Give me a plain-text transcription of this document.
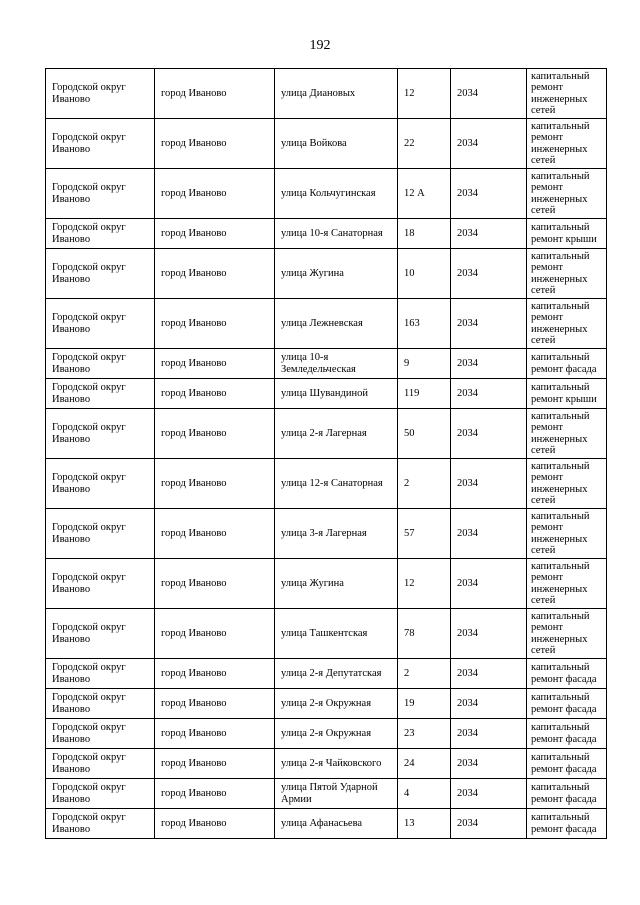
192
Городской округ Иваново	город Иваново	улица Диановых	12	2034	капитальный ремонт инженерных сетей
Городской округ Иваново	город Иваново	улица Войкова	22	2034	капитальный ремонт инженерных сетей
Городской округ Иваново	город Иваново	улица Кольчугинская	12 А	2034	капитальный ремонт инженерных сетей
Городской округ Иваново	город Иваново	улица 10-я Санаторная	18	2034	капитальный ремонт крыши
Городской округ Иваново	город Иваново	улица Жугина	10	2034	капитальный ремонт инженерных сетей
Городской округ Иваново	город Иваново	улица Лежневская	163	2034	капитальный ремонт инженерных сетей
Городской округ Иваново	город Иваново	улица 10-я Земледельческая	9	2034	капитальный ремонт фасада
Городской округ Иваново	город Иваново	улица Шувандиной	119	2034	капитальный ремонт крыши
Городской округ Иваново	город Иваново	улица 2-я Лагерная	50	2034	капитальный ремонт инженерных сетей
Городской округ Иваново	город Иваново	улица 12-я Санаторная	2	2034	капитальный ремонт инженерных сетей
Городской округ Иваново	город Иваново	улица 3-я Лагерная	57	2034	капитальный ремонт инженерных сетей
Городской округ Иваново	город Иваново	улица Жугина	12	2034	капитальный ремонт инженерных сетей
Городской округ Иваново	город Иваново	улица Ташкентская	78	2034	капитальный ремонт инженерных сетей
Городской округ Иваново	город Иваново	улица 2-я Депутатская	2	2034	капитальный ремонт фасада
Городской округ Иваново	город Иваново	улица 2-я Окружная	19	2034	капитальный ремонт фасада
Городской округ Иваново	город Иваново	улица 2-я Окружная	23	2034	капитальный ремонт фасада
Городской округ Иваново	город Иваново	улица 2-я Чайковского	24	2034	капитальный ремонт фасада
Городской округ Иваново	город Иваново	улица Пятой Ударной Армии	4	2034	капитальный ремонт фасада
Городской округ Иваново	город Иваново	улица Афанасьева	13	2034	капитальный ремонт фасада
